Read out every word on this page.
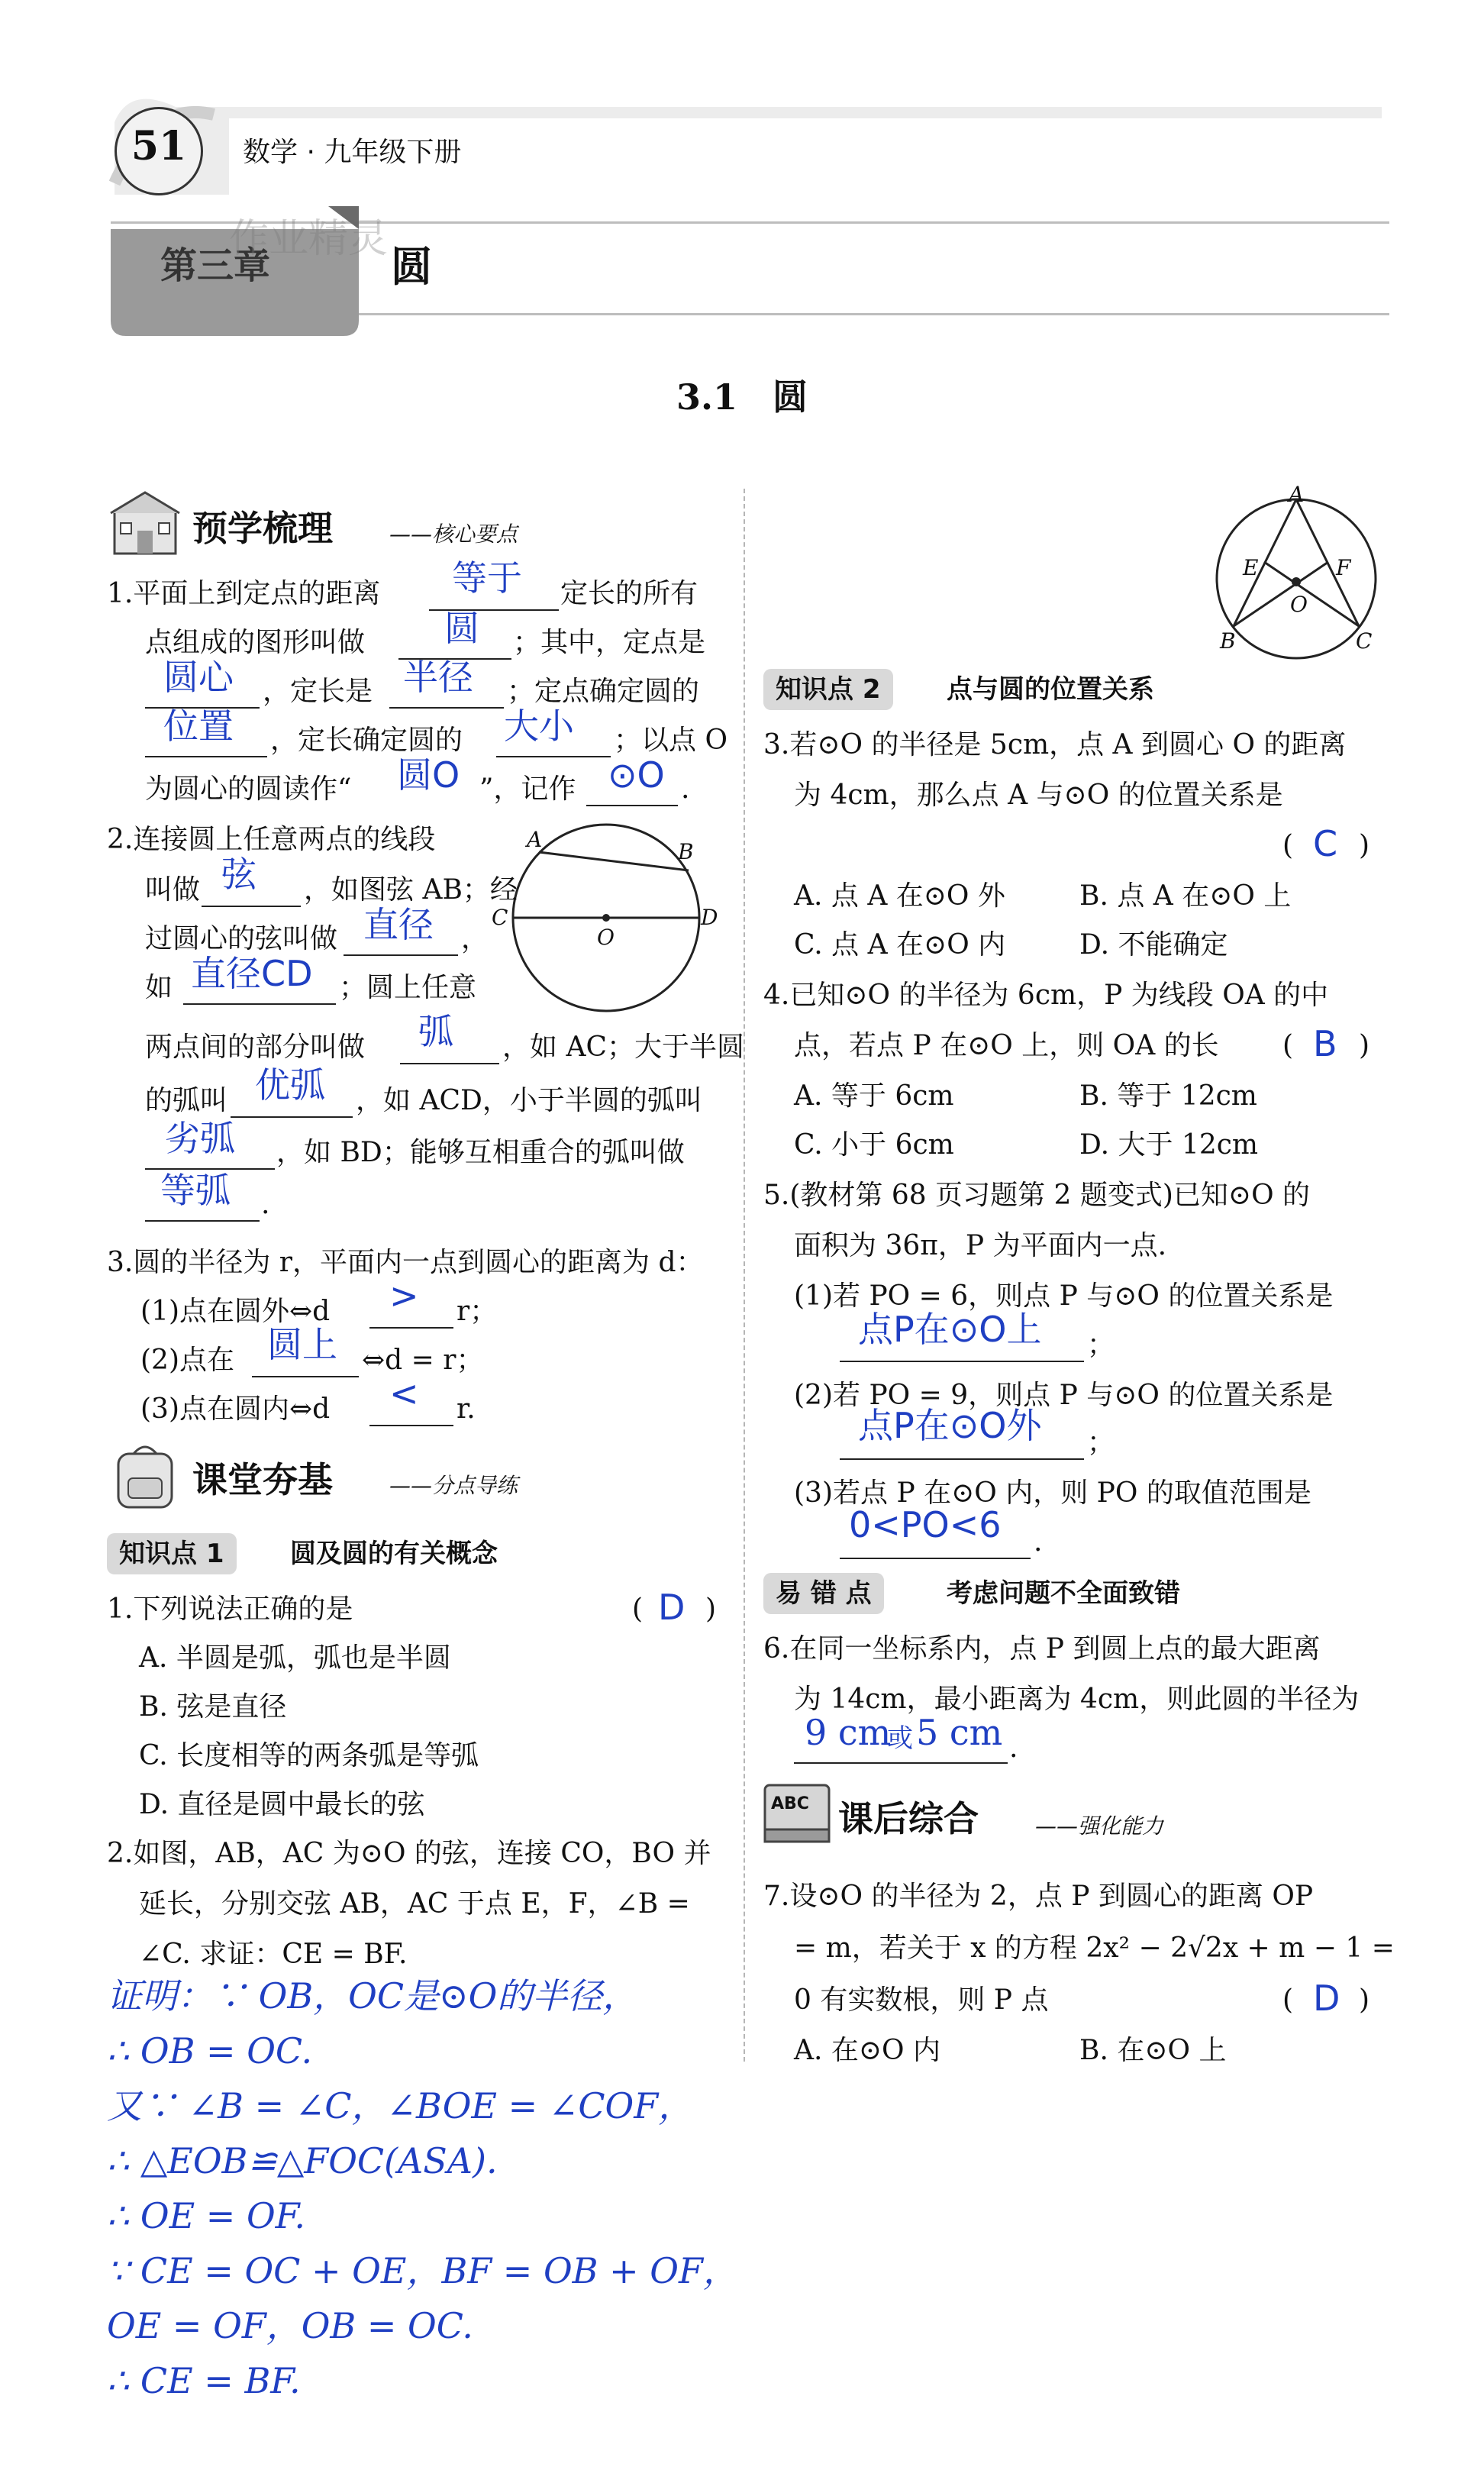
51	数学 · 九年级下册
第三章
作业精灵
圆
3.1　圆
预学梳理	——核心要点
1.平面上到定点的距离 等于 定长的所有
点组成的图形叫做 圆 ；其中，定点是
圆心 ，定长是 半径 ；定点确定圆的
位置 ，定长确定圆的 大小 ；以点 O
为圆心的圆读作“ 圆O ”，记作 ⊙O .
A	B
C	D
O
2.连接圆上任意两点的线段
叫做 弦 ，如图弦 AB；经
过圆心的弦叫做 直径 ，
如 直径CD ；圆上任意
两点间的部分叫做 弧 ，如 AC；大于半圆
的弧叫 优弧 ，如 ACD，小于半圆的弧叫
劣弧 ，如 BD；能够互相重合的弧叫做
等弧 .
3.圆的半径为 r，平面内一点到圆心的距离为 d：
(1)点在圆外⇔d > r；
(2)点在 圆上 ⇔d = r；
(3)点在圆内⇔d < r.
课堂夯基	——分点导练
知识点 1	圆及圆的有关概念
1.下列说法正确的是	( D )
A. 半圆是弧，弧也是半圆
B. 弦是直径
C. 长度相等的两条弧是等弧
D. 直径是圆中最长的弦
2.如图，AB，AC 为⊙O 的弦，连接 CO，BO 并
延长，分别交弦 AB，AC 于点 E，F，∠B =
∠C. 求证：CE = BF.
证明：∵ OB，OC是⊙O的半径，
∴ OB = OC.
又∵ ∠B = ∠C，∠BOE = ∠COF，
∴ △EOB≌△FOC(ASA).
∴ OE = OF.
∵ CE = OC + OE，BF = OB + OF，
OE = OF，OB = OC.
∴ CE = BF.
A
E	F
O
B	C
知识点 2	点与圆的位置关系
3.若⊙O 的半径是 5cm，点 A 到圆心 O 的距离
为 4cm，那么点 A 与⊙O 的位置关系是
( C )
A. 点 A 在⊙O 外	B. 点 A 在⊙O 上
C. 点 A 在⊙O 内	D. 不能确定
4.已知⊙O 的半径为 6cm，P 为线段 OA 的中
点，若点 P 在⊙O 上，则 OA 的长 ( B )
A. 等于 6cm	B. 等于 12cm
C. 小于 6cm	D. 大于 12cm
5.(教材第 68 页习题第 2 题变式)已知⊙O 的
面积为 36π，P 为平面内一点.
(1)若 PO = 6，则点 P 与⊙O 的位置关系是
点P在⊙O上 ；
(2)若 PO = 9，则点 P 与⊙O 的位置关系是
点P在⊙O外 ；
(3)若点 P 在⊙O 内，则 PO 的取值范围是
0<PO<6 .
易 错 点	考虑问题不全面致错
6.在同一坐标系内，点 P 到圆上点的最大距离
为 14cm，最小距离为 4cm，则此圆的半径为
9 cm
或 5 cm .
ABC 课后综合	——强化能力
7.设⊙O 的半径为 2，点 P 到圆心的距离 OP
= m，若关于 x 的方程 2x² − 2√2x + m − 1 =
0 有实数根，则 P 点	( D )
A. 在⊙O 内	B. 在⊙O 上
